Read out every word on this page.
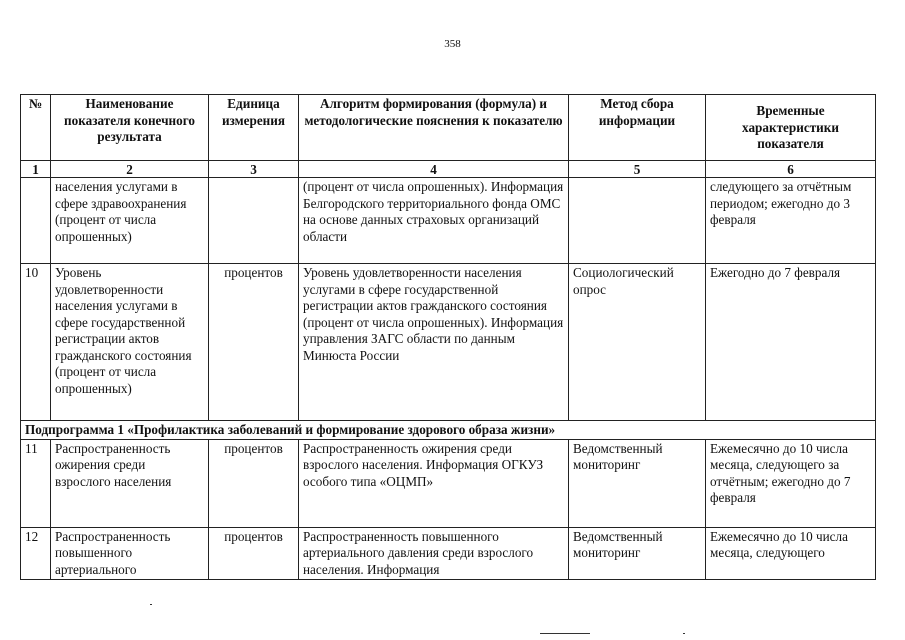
358
№	Наименование показателя конечного результата	Единица измерения	Алгоритм формирования (формула) и методологические пояснения к показателю	Метод сбора информации	Временные характеристики показателя
1	2	3	4	5	6
	населения услугами в сфере здравоохранения (процент от числа опрошенных)		(процент от числа опрошенных). Информация Белгородского территориального фонда ОМС на основе данных страховых организаций области		следующего за отчётным периодом; ежегодно до 3 февраля
10	Уровень удовлетворенности населения услугами в сфере государственной регистрации актов гражданского состояния (процент от числа опрошенных)	процентов	Уровень удовлетворенности населения услугами в сфере государственной регистрации актов гражданского состояния (процент от числа опрошенных). Информация управления ЗАГС области по данным Минюста России	Социологический опрос	Ежегодно до 7 февраля
Подпрограмма 1 «Профилактика заболеваний и формирование здорового образа жизни»					
11	Распространенность ожирения среди взрослого населения	процентов	Распространенность ожирения среди взрослого населения. Информация ОГКУЗ особого типа «ОЦМП»	Ведомственный мониторинг	Ежемесячно до 10 числа месяца, следующего за отчётным; ежегодно до 7 февраля
12	Распространенность повышенного артериального	процентов	Распространенность повышенного артериального давления среди взрослого населения. Информация	Ведомственный мониторинг	Ежемесячно до 10 числа месяца, следующего
